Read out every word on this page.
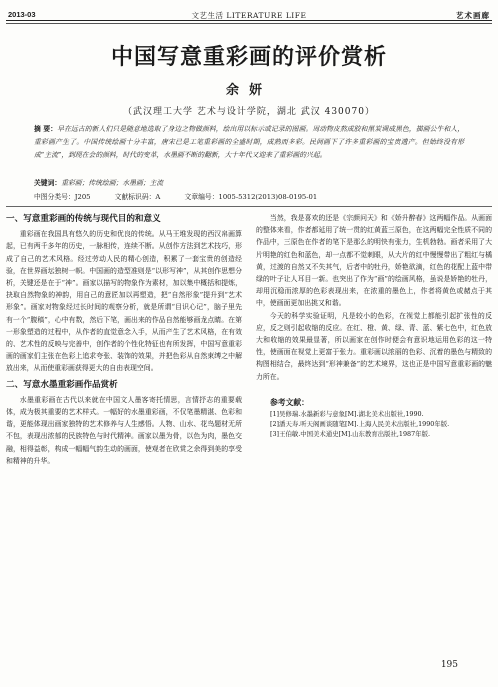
2013-03	文艺生活 LITERATURE LIFE	艺术画廊
中国写意重彩画的评价赏析
余妍
（武汉理工大学 艺术与设计学院，湖北 武汉 430070）
摘 要：早在远古的新人们只是随意地选取了身边之物做颜料，绘出用以标示或记录的图画。周动物皮熬成胶和黑炭调成黑色，描画公牛和人，重彩画产生了。中国传统绘画十分丰富，唐宋已是工笔重彩画的全盛时期，成熟而多彩。民间画下了许多重彩画的宝贵遗产。但始终没有形成“主流”，到现在会的颜料，时代的变革，水墨画不断的翻新，大十年代又迎来了重彩画的兴起。
关键词：重彩画；传统绘画；水墨画；主流
中图分类号：J205	文献标识码：A	文章编号：1005-5312(2013)08-0195-01
一、写意重彩画的传统与现代目的和意义

重彩画在我国具有悠久的历史和优良的传统。从马王堆发现的西汉帛画算起，已有两千多年的历史，一脉相传，连续不断。从创作方法到艺术技巧，形成了自己的艺术风格。经过劳动人民的精心创造，积累了一套宝贵的创造经验，在世界画坛独树一帜。中国画的造型准则是“以形写神”，从其创作思想分析，关键还是在于“神”。画家以描写的物象作为素材，加以集中概括和提炼，抉取自然物象的神韵，用自己的意匠加以再塑造，把“自然形象”提升到“艺术形象”。画家对物象经过长时间的观察分析，就是所谓“目识心记”，脑子里先有一个“腹稿”，心中有数，然后下笔，画出来的作品自然能够画龙点睛。在第一形象塑造的过程中，从作者的直觉意念入手，从而产生了艺术风格，在有效的、艺术性的反映与完善中，创作者的个性化特征也有所发挥，中国写意重彩画的画家们主张在色彩上追求夸张、装饰的效果，并把色彩从自然束缚之中解放出来，从而使重彩画获得更大的自由表现空间。

二、写意水墨重彩画作品赏析

水墨重彩画在古代以来就在中国文人墨客寄托情思，言情抒志的重要载体，成为极其重要的艺术样式。一幅好的水墨重彩画，不仅笔墨精湛、色彩和谐，更能体现出画家独特的艺术修养与人生感悟。人物、山水、花鸟题材无所不包，表现出浓郁的民族特色与时代精神。画家以墨为骨，以色为肉，墨色交融，相得益彰，构成一幅幅气韵生动的画面，使观者在欣赏之余得到美的享受和精神的升华。

当然，我是喜欢的还是《宗颜问天》和《娇升醉春》这两幅作品。从画面的整体来看，作者都延用了统一贯的红黄蓝三原色，在这两幅完全性质不同的作品中，三原色在作者的笔下是那么的明快有张力，生机勃勃。画者采用了大片明艳的红色和蓝色，却一点都不觉刺眼，从大片的红中慢慢带出了粗红与橘黄，过渡的自然又不失其气，后者中的牡丹，娇艳欲滴，红色的花配上蓝中带绿的叶子让人耳目一新。也突出了作为“画”的绘画风格，虽说是娇艳的牡丹，却用沉稳而浓厚的色彩表现出来，在浓重的墨色上，作者将黄色或赭点于其中，使画面更加出挑又和谐。

今天的科学实验证明，凡是较小的色彩，在视觉上都能引起扩张性的反应，反之则引起收缩的反应。在红、橙、黄、绿、青、蓝、紫七色中，红色放大和收缩的效果最显著，所以画家在创作时便会有意识地运用色彩的这一特性，使画面在视觉上更富于张力。重彩画以浓丽的色彩、沉着的墨色与精致的构图相结合，最终达到“形神兼备”的艺术境界，这也正是中国写意重彩画的魅力所在。

参考文献：
[1]吴修瑞.水墨新彩与意象[M].湖北美术出版社,1990.
[2]潘天寿.听天阁画谈随笔[M].上海人民美术出版社,1990年版.
[3]王伯敏.中国美术通史[M].山东教育出版社,1987年版.
195
